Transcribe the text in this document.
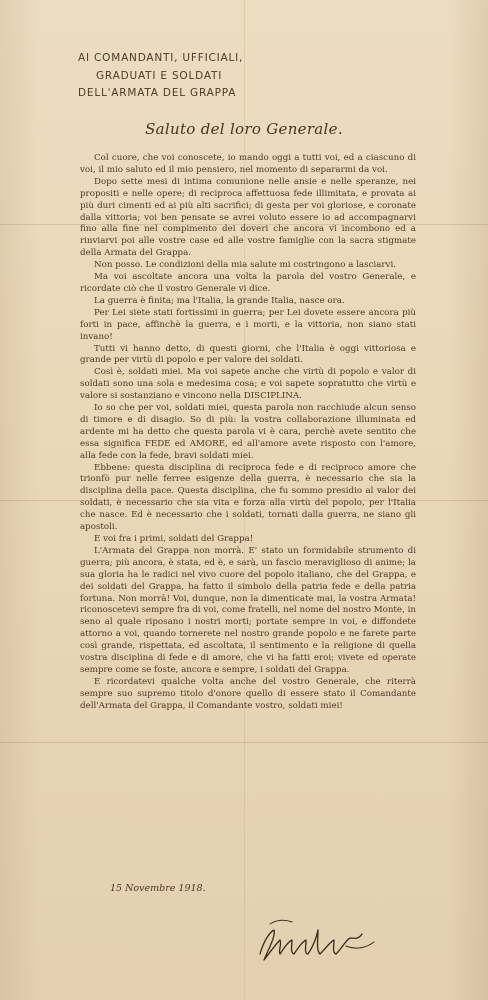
AI COMANDANTI, UFFICIALI,
GRADUATI E SOLDATI
DELL'ARMATA DEL GRAPPA
Saluto del loro Generale.

Col cuore, che voi conoscete, io mando oggi a tutti voi, ed a ciascuno di voi, il mio saluto ed il mio pensiero, nel momento di separarmi da voi.

Dopo sette mesi di intima comunione nelle ansie e nelle speranze, nei propositi e nelle opere; di reciproca affettuosa fede illimitata, e provata ai più duri cimenti ed ai più alti sacrifici; di gesta per voi gloriose, e coronate dalla vittoria; voi ben pensate se avrei voluto essere io ad accompagnarvi fino alla fine nel compimento dei doveri che ancora vi incombono ed a rinviarvi poi alle vostre case ed alle vostre famiglie con la sacra stigmate della Armata del Grappa.

Non posso. Le condizioni della mia salute mi costringono a lasciarvi.

Ma voi ascoltate ancora una volta la parola del vostro Generale, e ricordate ciò che il vostro Generale vi dice.

La guerra è finita; ma l'Italia, la grande Italia, nasce ora.

Per Lei siete stati fortissimi in guerra; per Lei dovete essere ancora più forti in pace, affinchè la guerra, e i morti, e la vittoria, non siano stati invano!

Tutti vi hanno detto, di questi giorni, che l'Italia è oggi vittoriosa e grande per virtù di popolo e per valore dei soldati.

Così è, soldati miei. Ma voi sapete anche che virtù di popolo e valor di soldati sono una sola e medesima cosa; e voi sapete sopratutto che virtù e valore si sostanziano e vincono nella DISCIPLINA.

Io so che per voi, soldati miei, questa parola non racchiude alcun senso di timore e di disagio. So di più: la vostra collaborazione illuminata ed ardente mi ha detto che questa parola vi è cara, perchè avete sentito che essa significa FEDE ed AMORE, ed all'amore avete risposto con l'amore, alla fede con la fede, bravi soldati miei.

Ebbene: questa disciplina di reciproca fede e di reciproco amore che trionfò pur nelle ferree esigenze della guerra, è necessario che sia la disciplina della pace. Questa disciplina, che fu sommo presidio al valor dei soldati, è necessario che sia vita e forza alla virtù del popolo, per l'Italia che nasce. Ed è necessario che i soldati, tornati dalla guerra, ne siano gli apostoli.

E voi fra i primi, soldati del Grappa!

L'Armata del Grappa non morrà. E' stato un formidabile strumento di guerra; più ancora, è stata, ed è, e sarà, un fascio meraviglioso di anime; la sua gloria ha le radici nel vivo cuore del popolo italiano, che del Grappa, e dei soldati del Grappa, ha fatto il simbolo della patria fede e della patria fortuna. Non morrà! Voi, dunque, non la dimenticate mai, la vostra Armata! riconoscetevi sempre fra di voi, come fratelli, nel nome del nostro Monte, in seno al quale riposano i nostri morti; portate sempre in voi, e diffondete attorno a voi, quando tornerete nel nostro grande popolo e ne farete parte così grande, rispettata, ed ascoltata, il sentimento e la religione di quella vostra disciplina di fede e di amore, che vi ha fatti eroi; vivete ed operate sempre come se foste, ancora e sempre, i soldati del Grappa.

E ricordatevi qualche volta anche del vostro Generale, che riterrà sempre suo supremo titolo d'onore quello di essere stato il Comandante dell'Armata del Grappa, il Comandante vostro, soldati miei!

15 Novembre 1918.
